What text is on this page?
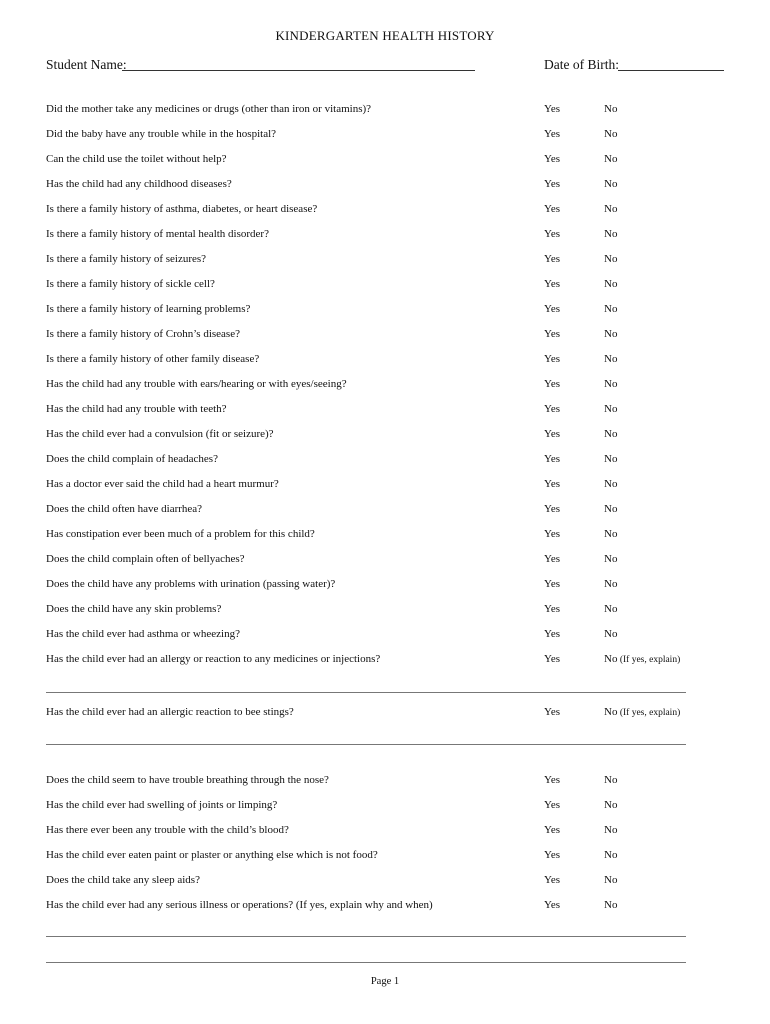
KINDERGARTEN HEALTH HISTORY
Student Name:	Date of Birth:
Did the mother take any medicines or drugs (other than iron or vitamins)?	Yes	No
Did the baby have any trouble while in the hospital?	Yes	No
Can the child use the toilet without help?	Yes	No
Has the child had any childhood diseases?	Yes	No
Is there a family history of asthma, diabetes, or heart disease?	Yes	No
Is there a family history of mental health disorder?	Yes	No
Is there a family history of seizures?	Yes	No
Is there a family history of sickle cell?	Yes	No
Is there a family history of learning problems?	Yes	No
Is there a family history of Crohn’s disease?	Yes	No
Is there a family history of other family disease?	Yes	No
Has the child had any trouble with ears/hearing or with eyes/seeing?	Yes	No
Has the child had any trouble with teeth?	Yes	No
Has the child ever had a convulsion (fit or seizure)?	Yes	No
Does the child complain of headaches?	Yes	No
Has a doctor ever said the child had a heart murmur?	Yes	No
Does the child often have diarrhea?	Yes	No
Has constipation ever been much of a problem for this child?	Yes	No
Does the child complain often of bellyaches?	Yes	No
Does the child have any problems with urination (passing water)?	Yes	No
Does the child have any skin problems?	Yes	No
Has the child ever had asthma or wheezing?	Yes	No
Has the child ever had an allergy or reaction to any medicines or injections?	Yes	No (If yes, explain)
Has the child ever had an allergic reaction to bee stings?	Yes	No (If yes, explain)
Does the child seem to have trouble breathing through the nose?	Yes	No
Has the child ever had swelling of joints or limping?	Yes	No
Has there ever been any trouble with the child’s blood?	Yes	No
Has the child ever eaten paint or plaster or anything else which is not food?	Yes	No
Does the child take any sleep aids?	Yes	No
Has the child ever had any serious illness or operations? (If yes, explain why and when)	Yes	No
Page 1
